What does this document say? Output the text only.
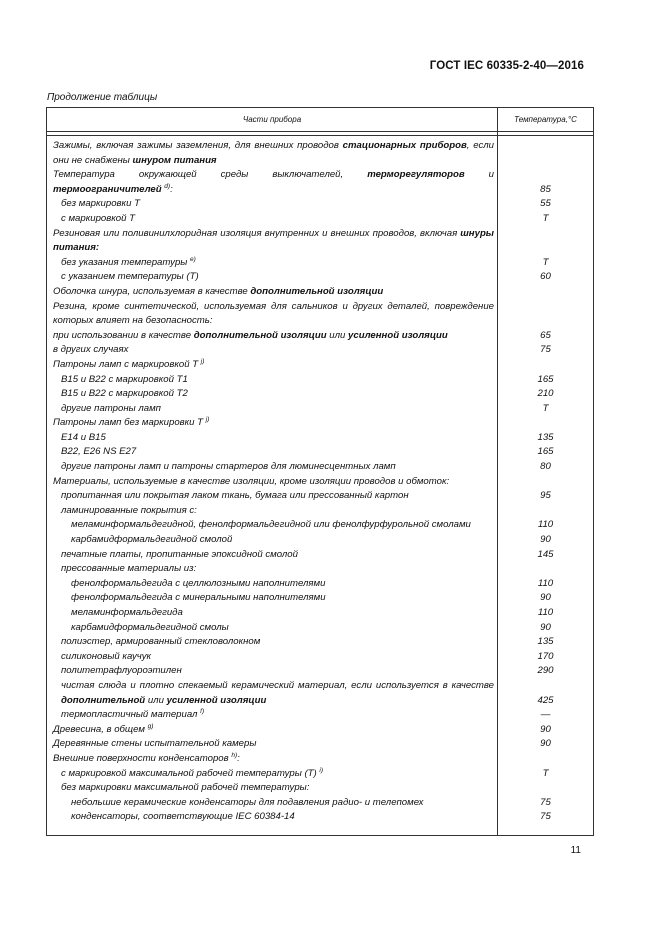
ГОСТ IEC 60335-2-40—2016
Продолжение таблицы
Части прибора	Температура,°C
Зажимы, включая зажимы заземления, для внешних проводов стационарных приборов, если они не снабжены шнуром питания
Температура окружающей среды выключателей, терморегуляторов и термоограничителей $^{d)}$:	85
без маркировки Т	55
с маркировкой Т	T
Резиновая или поливинилхлоридная изоляция внутренних и внешних проводов, включая шнуры питания:
без указания температуры $^{e)}$	T
с указанием температуры (Т)	60
Оболочка шнура, используемая в качестве дополнительной изоляции
Резина, кроме синтетической, используемая для сальников и других деталей, повреждение которых влияет на безопасность:
при использовании в качестве дополнительной изоляции или усиленной изоляции	65
в других случаях	75
Патроны ламп с маркировкой Т $^{j)}$
B15 и B22 с маркировкой Т1	165
B15 и B22 с маркировкой Т2	210
другие патроны ламп	T
Патроны ламп без маркировки Т $^{j)}$
E14 и B15	135
B22, E26 NS E27	165
другие патроны ламп и патроны стартеров для люминесцентных ламп	80
Материалы, используемые в качестве изоляции, кроме изоляции проводов и обмоток:
пропитанная или покрытая лаком ткань, бумага или прессованный картон	95
ламинированные покрытия с:
меламинформальдегидной, фенолформальдегидной или фенолфурфурольной смолами	110
карбамидформальдегидной смолой	90
печатные платы, пропитанные эпоксидной смолой	145
прессованные материалы из:
фенолформальдегида с целлюлозными наполнителями	110
фенолформальдегида с минеральными наполнителями	90
меламинформальдегида	110
карбамидформальдегидной смолы	90
полиэстер, армированный стекловолокном	135
силиконовый каучук	170
политетрафлуороэтилен	290
чистая слюда и плотно спекаемый керамический материал, если используется в качестве дополнительной или усиленной изоляции	425
термопластичный материал $^{f)}$	—
Древесина, в общем $^{g)}$	90
Деревянные стены испытательной камеры	90
Внешние поверхности конденсаторов $^{h)}$:
с маркировкой максимальной рабочей температуры (Т) $^{i)}$	T
без маркировки максимальной рабочей температуры:
небольшие керамические конденсаторы для подавления радио- и телепомех	75
конденсаторы, соответствующие IEC 60384-14	75
11
